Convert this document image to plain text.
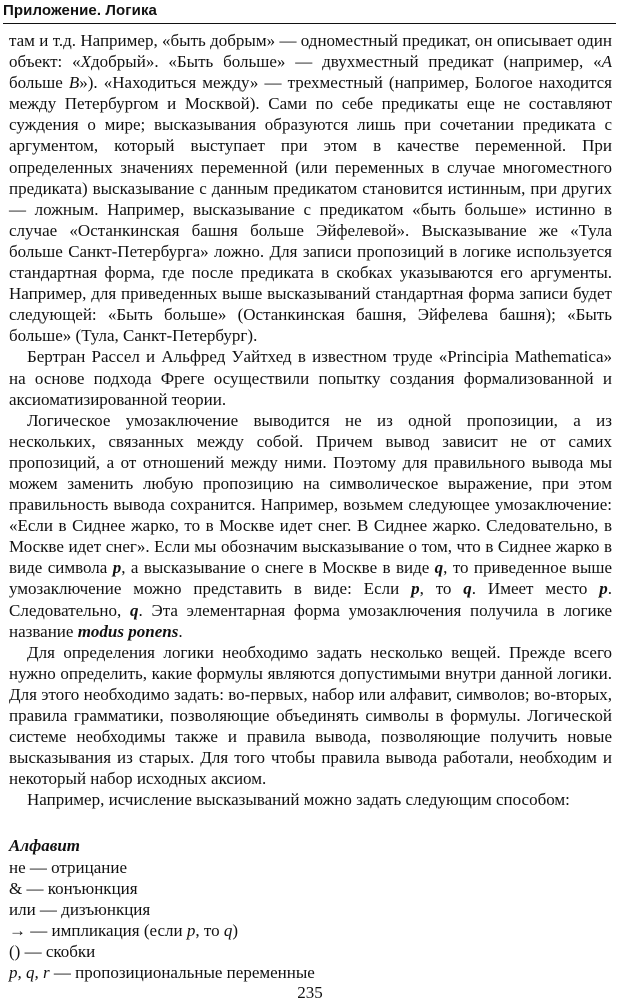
Приложение. Логика

там и т.д. Например, «быть добрым» — одноместный предикат, он описывает один объект: «Хдобрый». «Быть больше» — двухместный предикат (например, «А больше В»). «Находиться между» — трехместный (например, Бологое находится между Петербургом и Москвой). Сами по себе предикаты еще не составляют суждения о мире; высказывания образуются лишь при сочетании предиката с аргументом, который выступает при этом в качестве переменной. При определенных значениях переменной (или переменных в случае многоместного предиката) высказывание с данным предикатом становится истинным, при других — ложным. Например, высказывание с предикатом «быть больше» истинно в случае «Останкинская башня больше Эйфелевой». Высказывание же «Тула больше Санкт-Петербурга» ложно. Для записи пропозиций в логике используется стандартная форма, где после предиката в скобках указываются его аргументы. Например, для приведенных выше высказываний стандартная форма записи будет следующей: «Быть больше» (Останкинская башня, Эйфелева башня); «Быть больше» (Тула, Санкт-Петербург).

Бертран Рассел и Альфред Уайтхед в известном труде «Principia Mathematica» на основе подхода Фреге осуществили попытку создания формализованной и аксиоматизированной теории.

Логическое умозаключение выводится не из одной пропозиции, а из нескольких, связанных между собой. Причем вывод зависит не от самих пропозиций, а от отношений между ними. Поэтому для правильного вывода мы можем заменить любую пропозицию на символическое выражение, при этом правильность вывода сохранится. Например, возьмем следующее умозаключение: «Если в Сиднее жарко, то в Москве идет снег. В Сиднее жарко. Следовательно, в Москве идет снег». Если мы обозначим высказывание о том, что в Сиднее жарко в виде символа p, а высказывание о снеге в Москве в виде q, то приведенное выше умозаключение можно представить в виде: Если p, то q. Имеет место p. Следовательно, q. Эта элементарная форма умозаключения получила в логике название modus ponens.

Для определения логики необходимо задать несколько вещей. Прежде всего нужно определить, какие формулы являются допустимыми внутри данной логики. Для этого необходимо задать: во-первых, набор или алфавит, символов; во-вторых, правила грамматики, позволяющие объединять символы в формулы. Логической системе необходимы также и правила вывода, позволяющие получить новые высказывания из старых. Для того чтобы правила вывода работали, необходим и некоторый набор исходных аксиом.

Например, исчисление высказываний можно задать следующим способом:

Алфавит
не — отрицание
& — конъюнкция
или — дизъюнкция
→ — импликация (если p, то q)
() — скобки
p, q, r — пропозициональные переменные
235
